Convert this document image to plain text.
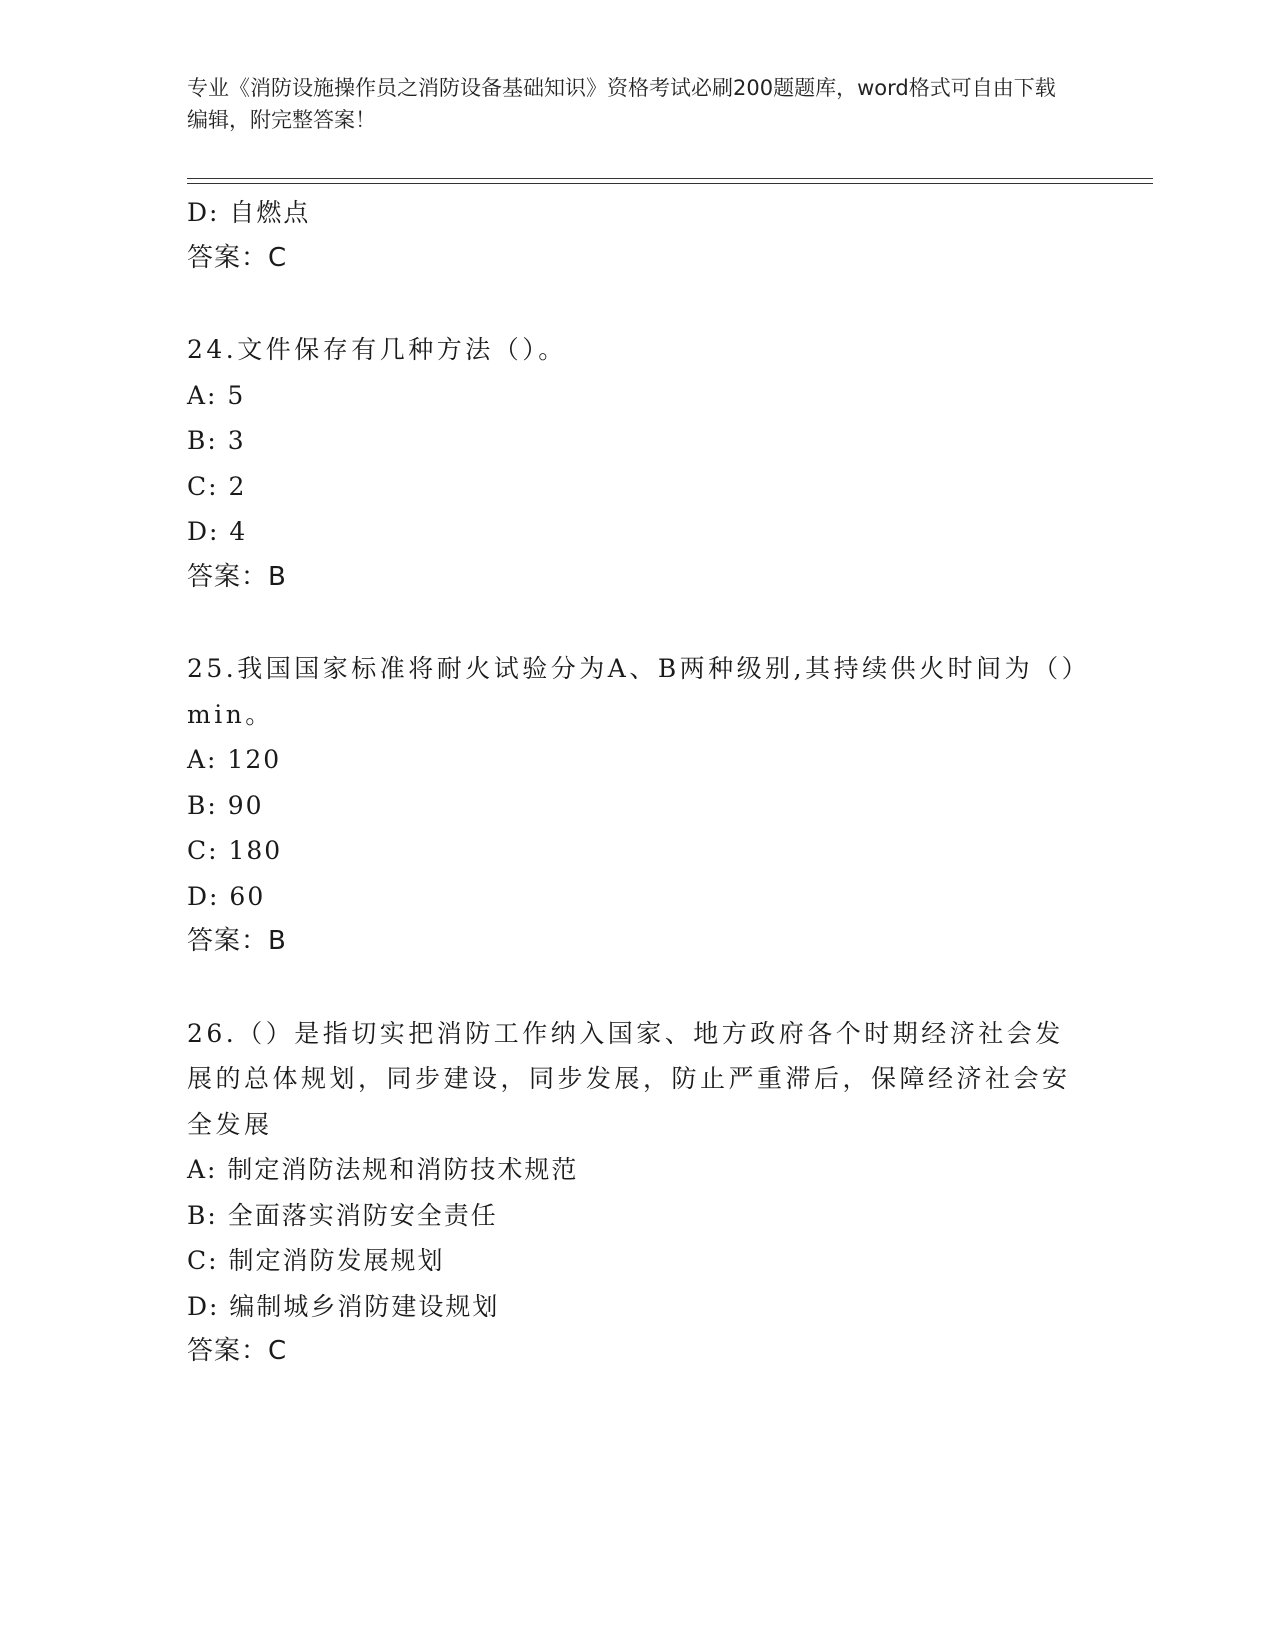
专业《消防设施操作员之消防设备基础知识》资格考试必刷200题题库，word格式可自由下载编辑，附完整答案！
D: 自燃点
答案：C
24.文件保存有几种方法（）。
A: 5
B: 3
C: 2
D: 4
答案：B
25.我国国家标准将耐火试验分为A、B两种级别,其持续供火时间为（）min。
A: 120
B: 90
C: 180
D: 60
答案：B
26.（）是指切实把消防工作纳入国家、地方政府各个时期经济社会发展的总体规划，同步建设，同步发展，防止严重滞后，保障经济社会安全发展
A: 制定消防法规和消防技术规范
B: 全面落实消防安全责任
C: 制定消防发展规划
D: 编制城乡消防建设规划
答案：C
